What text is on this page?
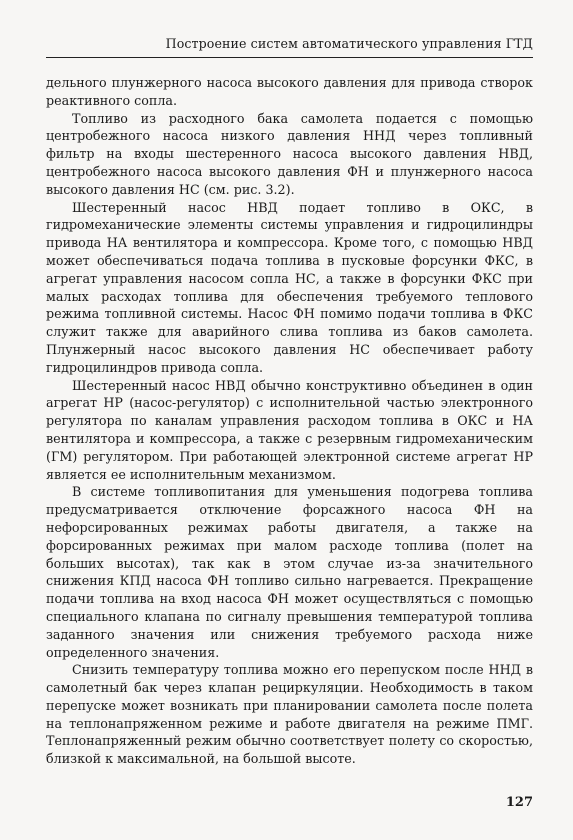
Построение систем автоматического управления ГТД

дельного плунжерного насоса высокого давления для привода створок реактивного сопла.

Топливо из расходного бака самолета подается с помощью центробежного насоса низкого давления ННД через топливный фильтр на входы шестеренного насоса высокого давления НВД, центробежного насоса высокого давления ФН и плунжерного насоса высокого давления НС (см. рис. 3.2).

Шестеренный насос НВД подает топливо в ОКС, в гидромеханические элементы системы управления и гидроцилиндры привода НА вентилятора и компрессора. Кроме того, с помощью НВД может обеспечиваться подача топлива в пусковые форсунки ФКС, в агрегат управления насосом сопла НС, а также в форсунки ФКС при малых расходах топлива для обеспечения требуемого теплового режима топливной системы. Насос ФН помимо подачи топлива в ФКС служит также для аварийного слива топлива из баков самолета. Плунжерный насос высокого давления НС обеспечивает работу гидроцилиндров привода сопла.

Шестеренный насос НВД обычно конструктивно объединен в один агрегат НР (насос-регулятор) с исполнительной частью электронного регулятора по каналам управления расходом топлива в ОКС и НА вентилятора и компрессора, а также с резервным гидромеханическим (ГМ) регулятором. При работающей электронной системе агрегат НР является ее исполнительным механизмом.

В системе топливопитания для уменьшения подогрева топлива предусматривается отключение форсажного насоса ФН на нефорсированных режимах работы двигателя, а также на форсированных режимах при малом расходе топлива (полет на больших высотах), так как в этом случае из-за значительного снижения КПД насоса ФН топливо сильно нагревается. Прекращение подачи топлива на вход насоса ФН может осуществляться с помощью специального клапана по сигналу превышения температурой топлива заданного значения или снижения требуемого расхода ниже определенного значения.

Снизить температуру топлива можно его перепуском после ННД в самолетный бак через клапан рециркуляции. Необходимость в таком перепуске может возникать при планировании самолета после полета на теплонапряженном режиме и работе двигателя на режиме ПМГ. Теплонапряженный режим обычно соответствует полету со скоростью, близкой к максимальной, на большой высоте.

127
